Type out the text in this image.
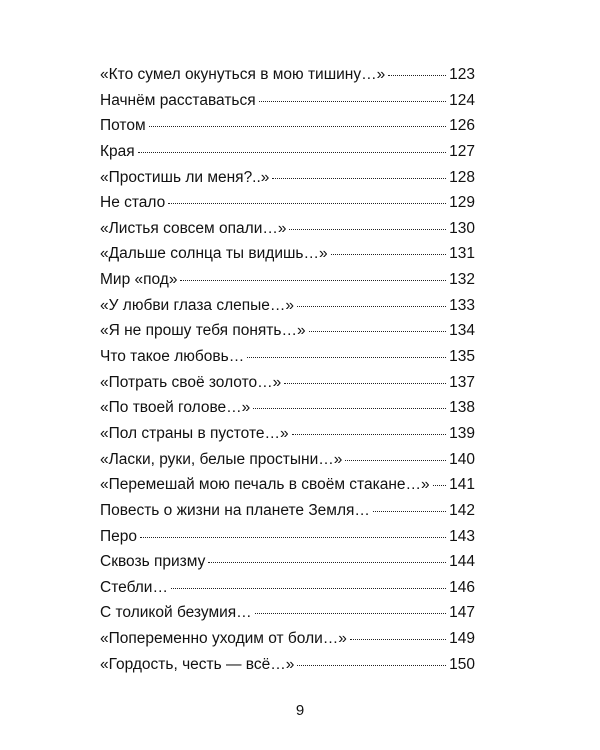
«Кто сумел окунуться в мою тишину…»	123
Начнём расставаться	124
Потом	126
Края	127
«Простишь ли меня?..»	128
Не стало	129
«Листья совсем опали…»	130
«Дальше солнца ты видишь…»	131
Мир «под»	132
«У любви глаза слепые…»	133
«Я не прошу тебя понять…»	134
Что такое любовь…	135
«Потрать своё золото…»	137
«По твоей голове…»	138
«Пол страны в пустоте…»	139
«Ласки, руки, белые простыни…»	140
«Перемешай мою печаль в своём стакане…» 141
Повесть о жизни на планете Земля…	142
Перо	143
Сквозь призму	144
Стебли…	146
С толикой безумия…	147
«Попеременно уходим от боли…»	149
«Гордость, честь — всё…»	150
9
